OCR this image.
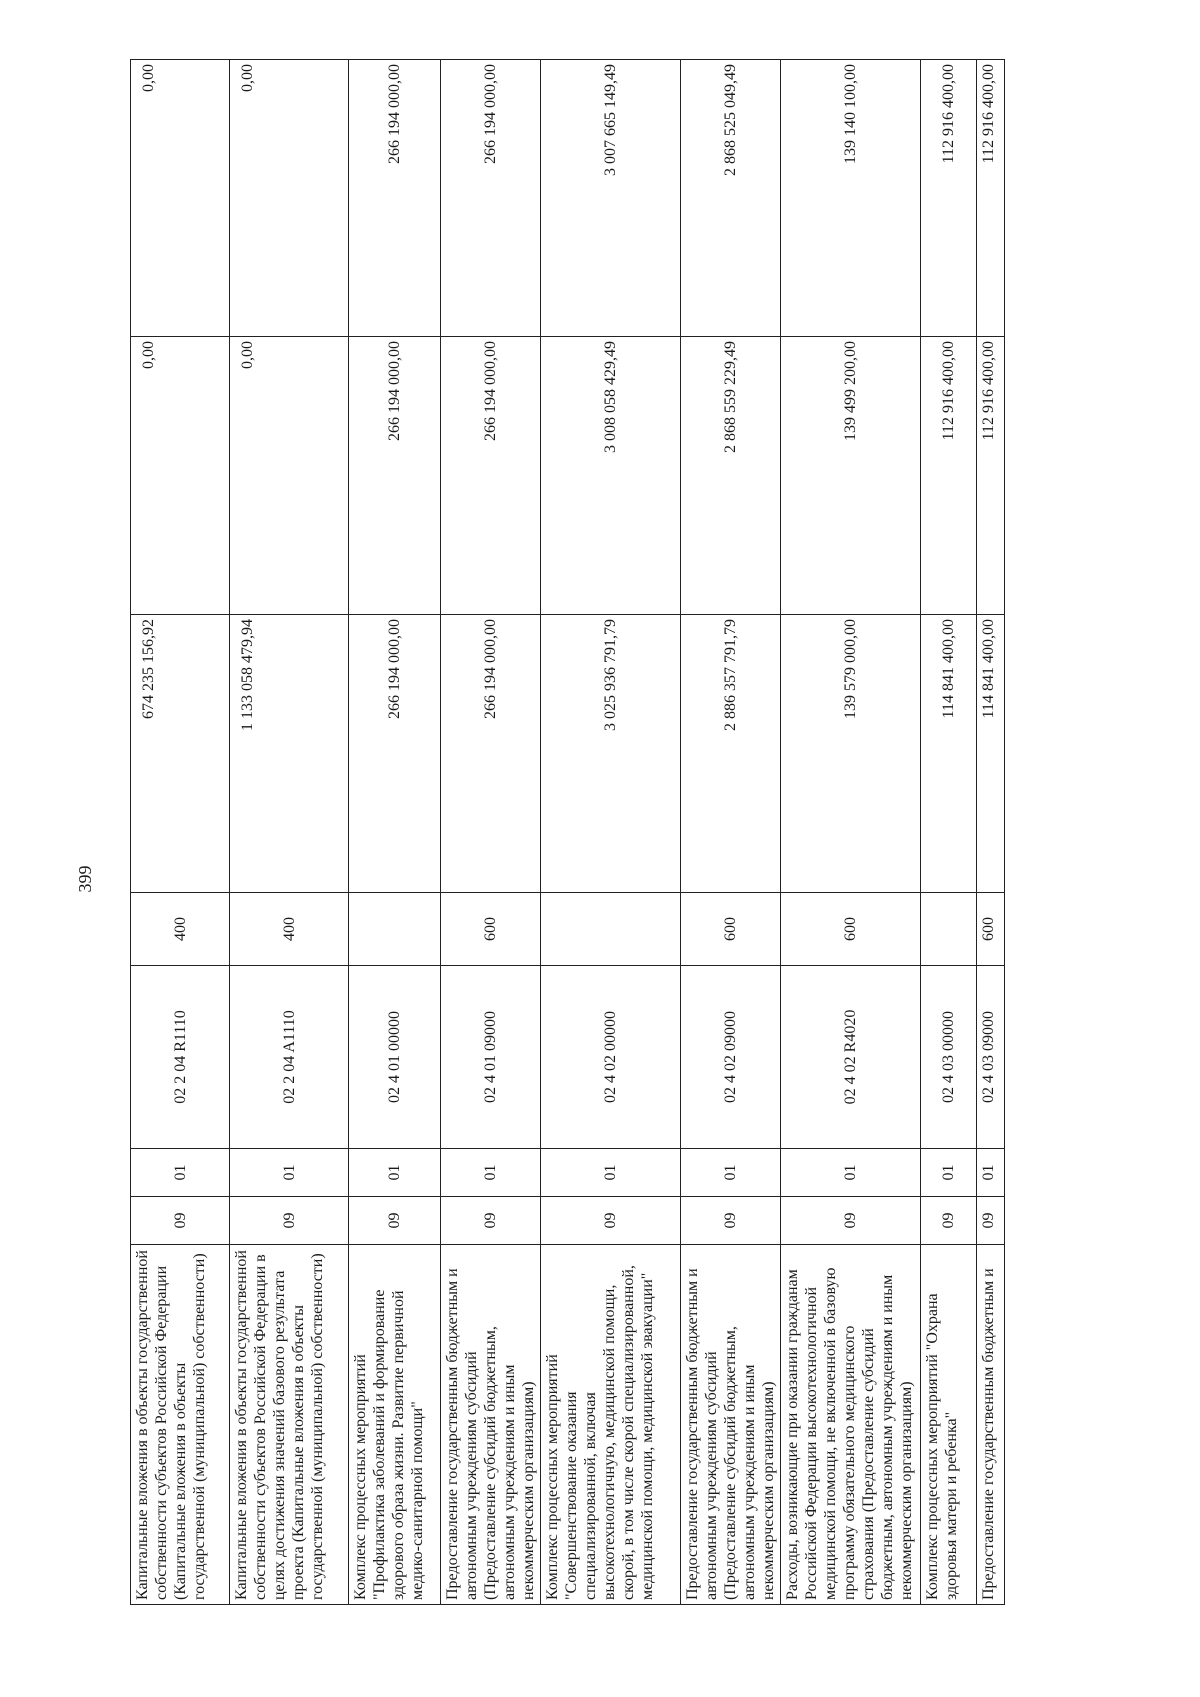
399
Капитальные вложения в объекты государственной собственности субъектов Российской Федерации (Капитальные вложения в объекты государственной (муниципальной) собственности)	09	01	02 2 04 R1110	400	674 235 156,92	0,00	0,00
Капитальные вложения в объекты государственной собственности субъектов Российской Федерации в целях достижения значений базового результата проекта (Капитальные вложения в объекты государственной (муниципальной) собственности)	09	01	02 2 04 A1110	400	1 133 058 479,94	0,00	0,00
Комплекс процессных мероприятий "Профилактика заболеваний и формирование здорового образа жизни. Развитие первичной медико-санитарной помощи"	09	01	02 4 01 00000		266 194 000,00	266 194 000,00	266 194 000,00
Предоставление государственным бюджетным и автономным учреждениям субсидий (Предоставление субсидий бюджетным, автономным учреждениям и иным некоммерческим организациям)	09	01	02 4 01 09000	600	266 194 000,00	266 194 000,00	266 194 000,00
Комплекс процессных мероприятий "Совершенствование оказания специализированной, включая высокотехнологичную, медицинской помощи, скорой, в том числе скорой специализированной, медицинской помощи, медицинской эвакуации"	09	01	02 4 02 00000		3 025 936 791,79	3 008 058 429,49	3 007 665 149,49
Предоставление государственным бюджетным и автономным учреждениям субсидий (Предоставление субсидий бюджетным, автономным учреждениям и иным некоммерческим организациям)	09	01	02 4 02 09000	600	2 886 357 791,79	2 868 559 229,49	2 868 525 049,49
Расходы, возникающие при оказании гражданам Российской Федерации высокотехнологичной медицинской помощи, не включенной в базовую программу обязательного медицинского страхования (Предоставление субсидий бюджетным, автономным учреждениям и иным некоммерческим организациям)	09	01	02 4 02 R4020	600	139 579 000,00	139 499 200,00	139 140 100,00
Комплекс процессных мероприятий "Охрана здоровья матери и ребенка"	09	01	02 4 03 00000		114 841 400,00	112 916 400,00	112 916 400,00
Предоставление государственным бюджетным и	09	01	02 4 03 09000	600	114 841 400,00	112 916 400,00	112 916 400,00
